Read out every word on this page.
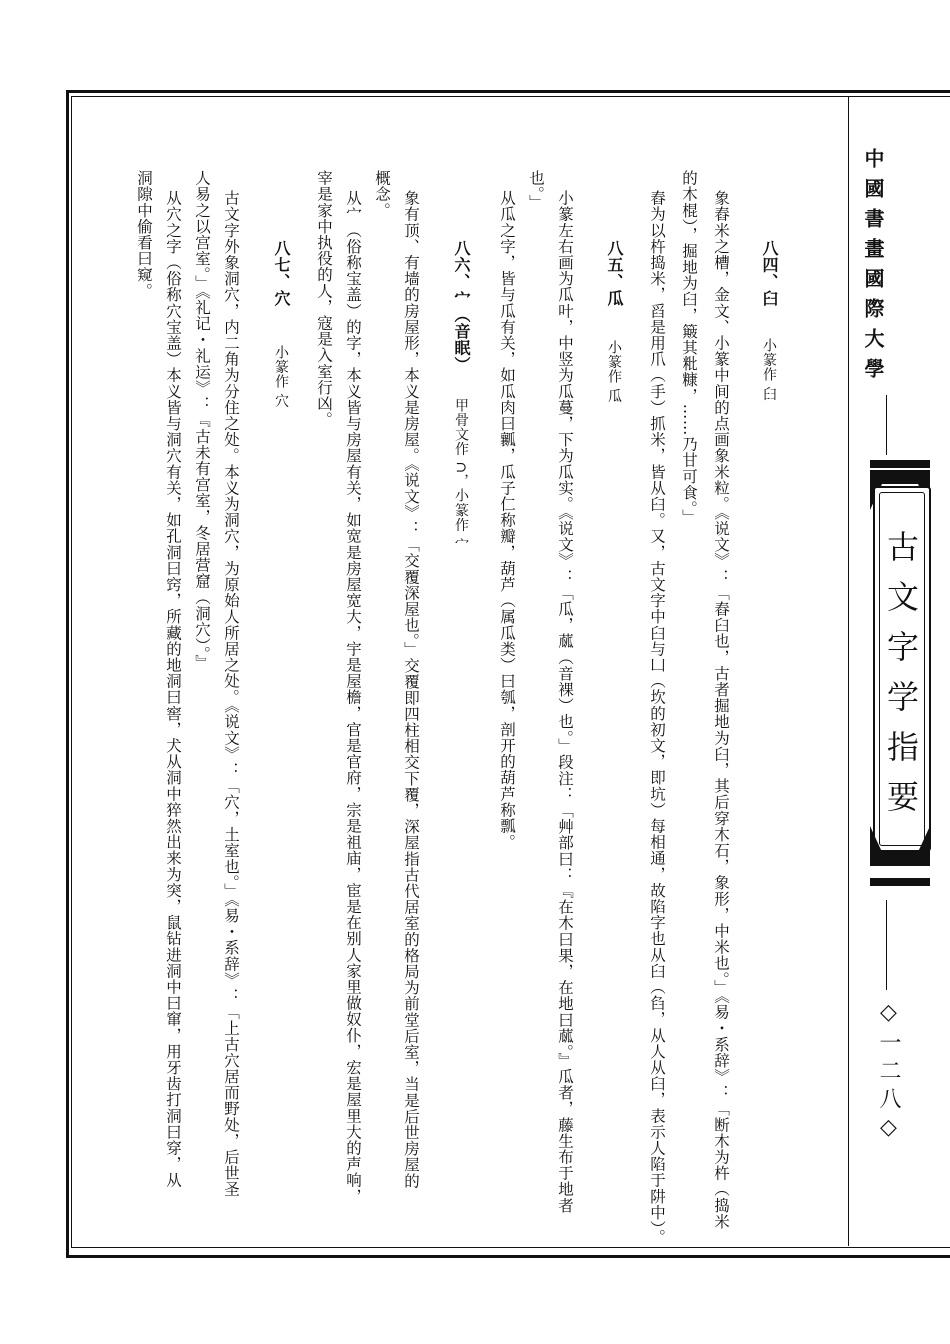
中國書畫國際大學
古文字学指要
◇一二八◇
八四、臼
小篆作 𦥑
象舂米之槽，金文、小篆中间的点画象米粒。《说文》：「舂臼也，古者掘地为臼，其后穿木石，象形，中米也。」《易・系辞》：「断木为杵（捣米
的木棍），掘地为臼，簸其粃糠，……乃甘可食。」
舂为以杵捣米，舀是用爪（手）抓米，皆从臼。又，古文字中臼与凵（坎的初文，即坑）每相通，故陷字也从臼（臽，从人从臼，表示人陷于阱中）。
八五、瓜
小篆作 瓜
小篆左右画为瓜叶，中竖为瓜蔓，下为瓜实。《说文》：「瓜，蓏（音裸）也。」段注：「艸部曰：『在木曰果，在地曰蓏。』瓜者，藤生布于地者
也。」
从瓜之字，皆与瓜有关，如瓜肉曰瓤，瓜子仁称瓣，葫芦（属瓜类）曰瓠，剖开的葫芦称瓢。
八六、宀（音眠）
甲骨文作 ∩，小篆作 宀
象有顶、有墙的房屋形，本义是房屋。《说文》：「交覆深屋也。」交覆即四柱相交下覆，深屋指古代居室的格局为前堂后室，当是后世房屋的
概念。
从宀（俗称宝盖）的字，本义皆与房屋有关，如宽是房屋宽大，宇是屋檐，官是官府，宗是祖庙，宦是在别人家里做奴仆，宏是屋里大的声响，
宰是家中执役的人，寇是入室行凶。
八七、穴
小篆作 穴
古文字外象洞穴，内二角为分住之处。本义为洞穴，为原始人所居之处。《说文》：「穴，土室也。」《易・系辞》：「上古穴居而野处，后世圣
人易之以宫室。」《礼记・礼运》：『古未有宫室，冬居营窟（洞穴）。』
从穴之字（俗称穴宝盖）本义皆与洞穴有关，如孔洞曰窍，所藏的地洞曰窖，犬从洞中猝然出来为突，鼠钻进洞中曰窜，用牙齿打洞曰穿，从
洞隙中偷看曰窥。
